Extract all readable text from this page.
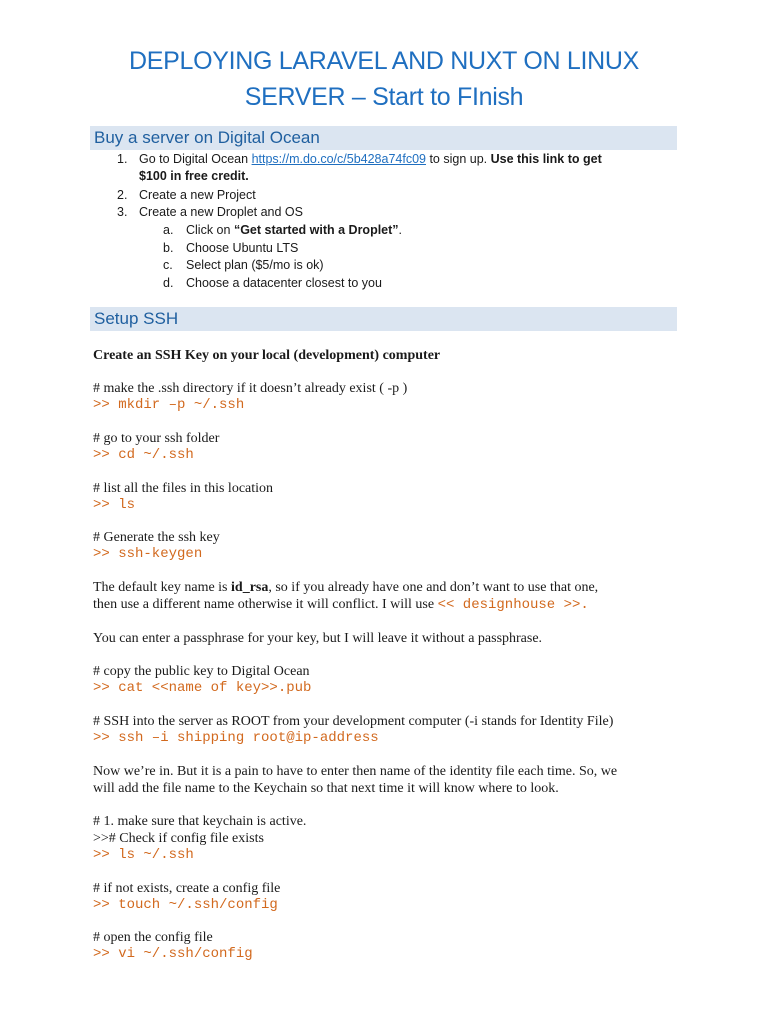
DEPLOYING LARAVEL AND NUXT ON LINUX
SERVER – Start to FInish
Buy a server on Digital Ocean
1. Go to Digital Ocean https://m.do.co/c/5b428a74fc09 to sign up. Use this link to get
$100 in free credit.
2. Create a new Project
3. Create a new Droplet and OS
a. Click on “Get started with a Droplet”.
b. Choose Ubuntu LTS
c. Select plan ($5/mo is ok)
d. Choose a datacenter closest to you
Setup SSH
Create an SSH Key on your local (development) computer
# make the .ssh directory if it doesn’t already exist ( -p )
>> mkdir –p ~/.ssh
# go to your ssh folder
>> cd ~/.ssh
# list all the files in this location
>> ls
# Generate the ssh key
>> ssh-keygen
The default key name is id_rsa, so if you already have one and don’t want to use that one,
then use a different name otherwise it will conflict. I will use << designhouse >>.
You can enter a passphrase for your key, but I will leave it without a passphrase.
# copy the public key to Digital Ocean
>> cat <<name of key>>.pub
# SSH into the server as ROOT from your development computer (-i stands for Identity File)
>> ssh –i shipping root@ip-address
Now we’re in. But it is a pain to have to enter then name of the identity file each time. So, we
will add the file name to the Keychain so that next time it will know where to look.
# 1. make sure that keychain is active.
>># Check if config file exists
>> ls ~/.ssh
# if not exists, create a config file
>> touch ~/.ssh/config
# open the config file
>> vi ~/.ssh/config
